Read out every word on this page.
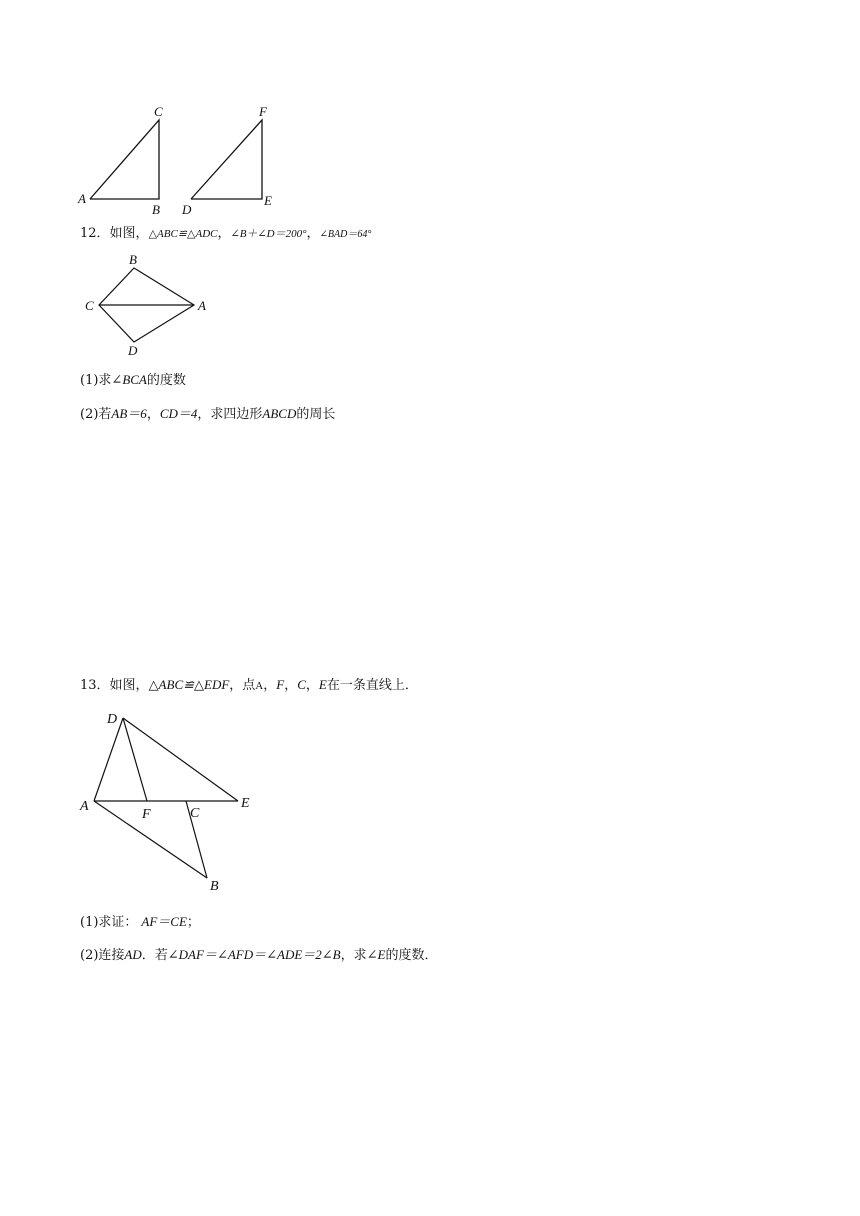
A
B
C
D
E
F
12．如图，△ABC≌△ADC，∠B＋∠D＝200°，∠BAD＝64°
B
C	A
D
(1)求∠BCA的度数
(2)若AB＝6，CD＝4，求四边形ABCD的周长
13．如图，△ABC≌△EDF，点A，F，C，E在一条直线上．
D
A
F	C
E
B
(1)求证： AF＝CE；
(2)连接AD．若∠DAF＝∠AFD＝∠ADE＝2∠B，求∠E的度数．
